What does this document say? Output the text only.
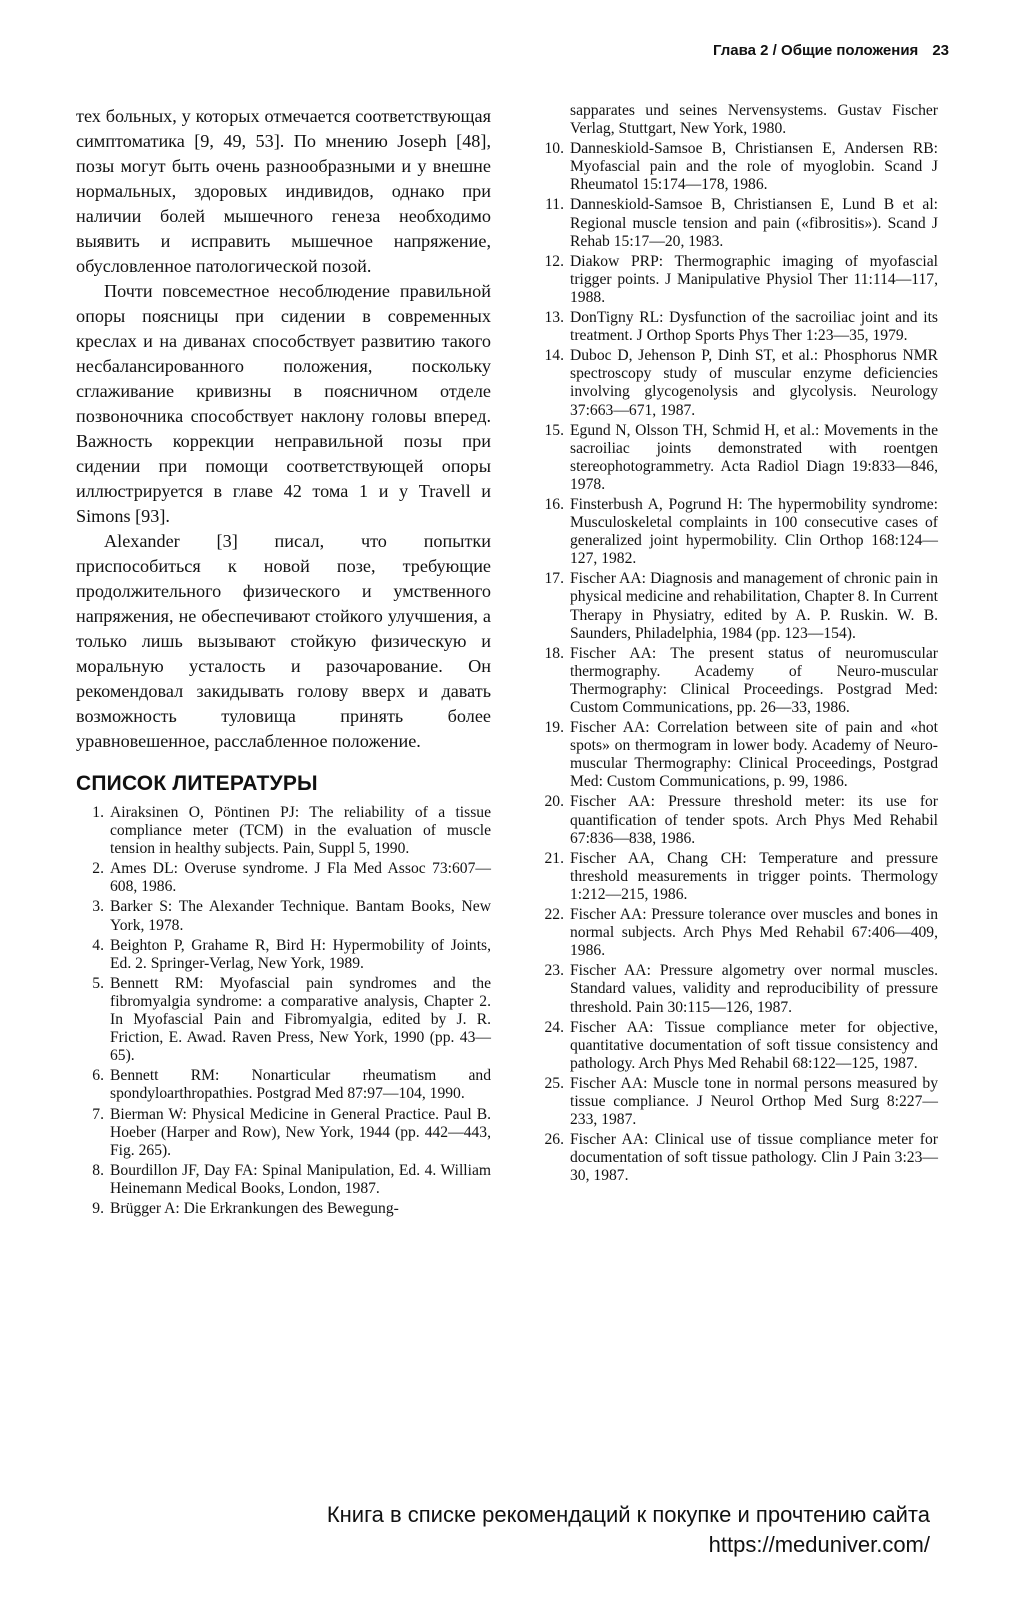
Глава 2 / Общие положения 23

тех больных, у которых отмечается соответствующая симптоматика [9, 49, 53]. По мнению Joseph [48], позы могут быть очень разнообразными и у внешне нормальных, здоровых индивидов, однако при наличии болей мышечного генеза необходимо выявить и исправить мышечное напряжение, обусловленное патологической позой.

Почти повсеместное несоблюдение правильной опоры поясницы при сидении в современных креслах и на диванах способствует развитию такого несбалансированного положения, поскольку сглаживание кривизны в поясничном отделе позвоночника способствует наклону головы вперед. Важность коррекции неправильной позы при сидении при помощи соответствующей опоры иллюстрируется в главе 42 тома 1 и у Travell и Simons [93].

Alexander [3] писал, что попытки приспособиться к новой позе, требующие продолжительного физического и умственного напряжения, не обеспечивают стойкого улучшения, а только лишь вызывают стойкую физическую и моральную усталость и разочарование. Он рекомендовал закидывать голову вверх и давать возможность туловища принять более уравновешенное, расслабленное положение.

СПИСОК ЛИТЕРАТУРЫ
1. Airaksinen O, Pöntinen PJ: The reliability of a tissue compliance meter (TCM) in the evaluation of muscle tension in healthy subjects. Pain, Suppl 5, 1990.
2. Ames DL: Overuse syndrome. J Fla Med Assoc 73:607—608, 1986.
3. Barker S: The Alexander Technique. Bantam Books, New York, 1978.
4. Beighton P, Grahame R, Bird H: Hypermobility of Joints, Ed. 2. Springer-Verlag, New York, 1989.
5. Bennett RM: Myofascial pain syndromes and the fibromyalgia syndrome: a comparative analysis, Chapter 2. In Myofascial Pain and Fibromyalgia, edited by J. R. Friction, E. Awad. Raven Press, New York, 1990 (pp. 43—65).
6. Bennett RM: Nonarticular rheumatism and spondyloarthropathies. Postgrad Med 87:97—104, 1990.
7. Bierman W: Physical Medicine in General Practice. Paul B. Hoeber (Harper and Row), New York, 1944 (pp. 442—443, Fig. 265).
8. Bourdillon JF, Day FA: Spinal Manipulation, Ed. 4. William Heinemann Medical Books, London, 1987.
9. Brügger A: Die Erkrankungen des Bewegung-
sapparates und seines Nervensystems. Gustav Fischer Verlag, Stuttgart, New York, 1980.
10. Danneskiold-Samsoe B, Christiansen E, Andersen RB: Myofascial pain and the role of myoglobin. Scand J Rheumatol 15:174—178, 1986.
11. Danneskiold-Samsoe B, Christiansen E, Lund B et al: Regional muscle tension and pain («fibrositis»). Scand J Rehab 15:17—20, 1983.
12. Diakow PRP: Thermographic imaging of myofascial trigger points. J Manipulative Physiol Ther 11:114—117, 1988.
13. DonTigny RL: Dysfunction of the sacroiliac joint and its treatment. J Orthop Sports Phys Ther 1:23—35, 1979.
14. Duboc D, Jehenson P, Dinh ST, et al.: Phosphorus NMR spectroscopy study of muscular enzyme deficiencies involving glycogenolysis and glycolysis. Neurology 37:663—671, 1987.
15. Egund N, Olsson TH, Schmid H, et al.: Movements in the sacroiliac joints demonstrated with roentgen stereophotogrammetry. Acta Radiol Diagn 19:833—846, 1978.
16. Finsterbush A, Pogrund H: The hypermobility syndrome: Musculoskeletal complaints in 100 consecutive cases of generalized joint hypermobility. Clin Orthop 168:124—127, 1982.
17. Fischer AA: Diagnosis and management of chronic pain in physical medicine and rehabilitation, Chapter 8. In Current Therapy in Physiatry, edited by A. P. Ruskin. W. B. Saunders, Philadelphia, 1984 (pp. 123—154).
18. Fischer AA: The present status of neuromuscular thermography. Academy of Neuro-muscular Thermography: Clinical Proceedings. Postgrad Med: Custom Communications, pp. 26—33, 1986.
19. Fischer AA: Correlation between site of pain and «hot spots» on thermogram in lower body. Academy of Neuro-muscular Thermography: Clinical Proceedings, Postgrad Med: Custom Communications, p. 99, 1986.
20. Fischer AA: Pressure threshold meter: its use for quantification of tender spots. Arch Phys Med Rehabil 67:836—838, 1986.
21. Fischer AA, Chang CH: Temperature and pressure threshold measurements in trigger points. Thermology 1:212—215, 1986.
22. Fischer AA: Pressure tolerance over muscles and bones in normal subjects. Arch Phys Med Rehabil 67:406—409, 1986.
23. Fischer AA: Pressure algometry over normal muscles. Standard values, validity and reproducibility of pressure threshold. Pain 30:115—126, 1987.
24. Fischer AA: Tissue compliance meter for objective, quantitative documentation of soft tissue consistency and pathology. Arch Phys Med Rehabil 68:122—125, 1987.
25. Fischer AA: Muscle tone in normal persons measured by tissue compliance. J Neurol Orthop Med Surg 8:227—233, 1987.
26. Fischer AA: Clinical use of tissue compliance meter for documentation of soft tissue pathology. Clin J Pain 3:23—30, 1987.
Книга в списке рекомендаций к покупке и прочтению сайта https://meduniver.com/
